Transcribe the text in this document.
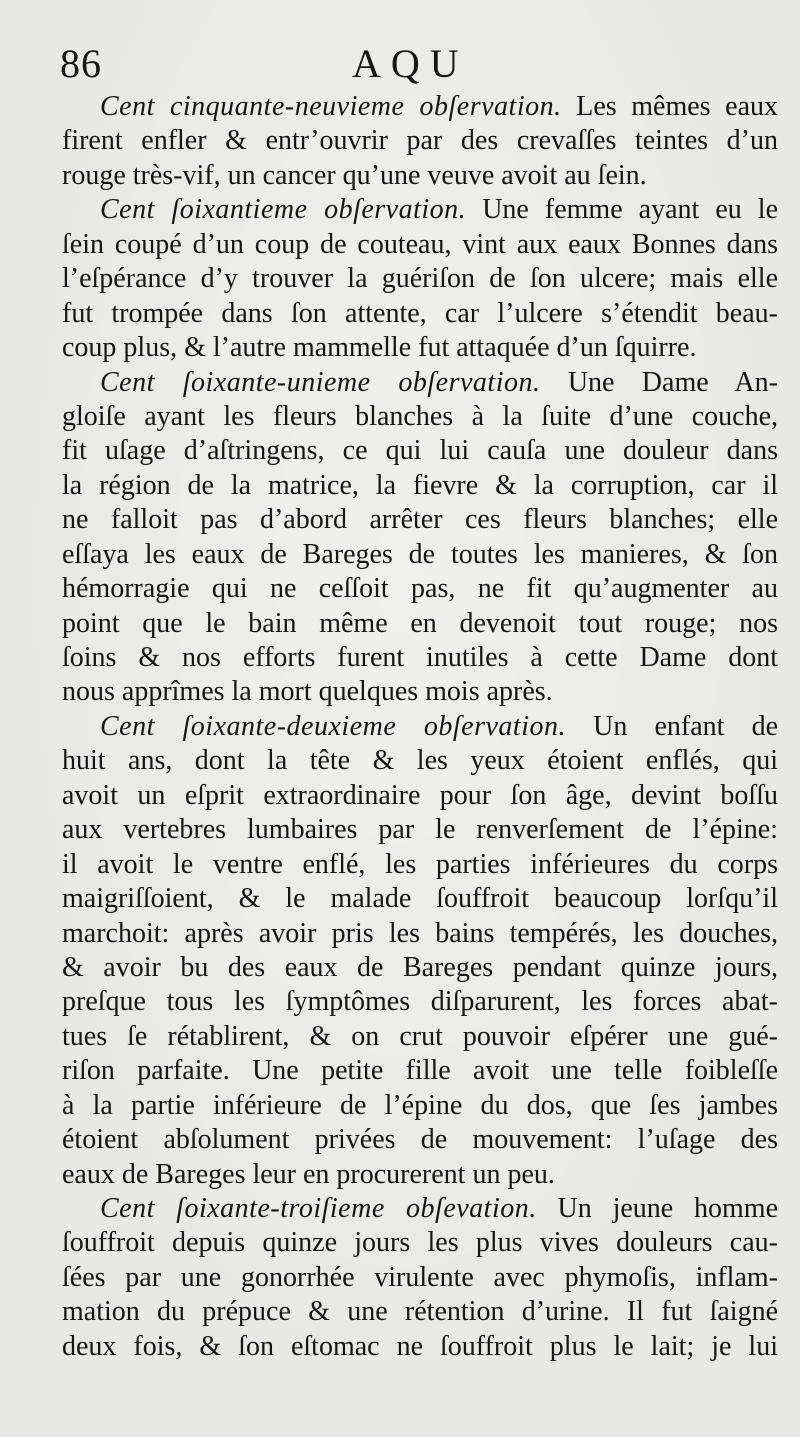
86	AQU
Cent cinquante-neuvieme obſervation. Les mêmes eaux
firent enfler & entr’ouvrir par des crevaſſes teintes d’un
rouge très-vif, un cancer qu’une veuve avoit au ſein.
Cent ſoixantieme obſervation. Une femme ayant eu le
ſein coupé d’un coup de couteau, vint aux eaux Bonnes dans
l’eſpérance d’y trouver la guériſon de ſon ulcere; mais elle
fut trompée dans ſon attente, car l’ulcere s’étendit beau-
coup plus, & l’autre mammelle fut attaquée d’un ſquirre.
Cent ſoixante-unieme obſervation. Une Dame An-
gloiſe ayant les fleurs blanches à la ſuite d’une couche,
fit uſage d’aſtringens, ce qui lui cauſa une douleur dans
la région de la matrice, la fievre & la corruption, car il
ne falloit pas d’abord arrêter ces fleurs blanches; elle
eſſaya les eaux de Bareges de toutes les manieres, & ſon
hémorragie qui ne ceſſoit pas, ne fit qu’augmenter au
point que le bain même en devenoit tout rouge; nos
ſoins & nos efforts furent inutiles à cette Dame dont
nous apprîmes la mort quelques mois après.
Cent ſoixante-deuxieme obſervation. Un enfant de
huit ans, dont la tête & les yeux étoient enflés, qui
avoit un eſprit extraordinaire pour ſon âge, devint boſſu
aux vertebres lumbaires par le renverſement de l’épine:
il avoit le ventre enflé, les parties inférieures du corps
maigriſſoient, & le malade ſouffroit beaucoup lorſqu’il
marchoit: après avoir pris les bains tempérés, les douches,
& avoir bu des eaux de Bareges pendant quinze jours,
preſque tous les ſymptômes diſparurent, les forces abat-
tues ſe rétablirent, & on crut pouvoir eſpérer une gué-
riſon parfaite. Une petite fille avoit une telle foibleſſe
à la partie inférieure de l’épine du dos, que ſes jambes
étoient abſolument privées de mouvement: l’uſage des
eaux de Bareges leur en procurerent un peu.
Cent ſoixante-troiſieme obſevation. Un jeune homme
ſouffroit depuis quinze jours les plus vives douleurs cau-
ſées par une gonorrhée virulente avec phymoſis, inflam-
mation du prépuce & une rétention d’urine. Il fut ſaigné
deux fois, & ſon eſtomac ne ſouffroit plus le lait; je lui
